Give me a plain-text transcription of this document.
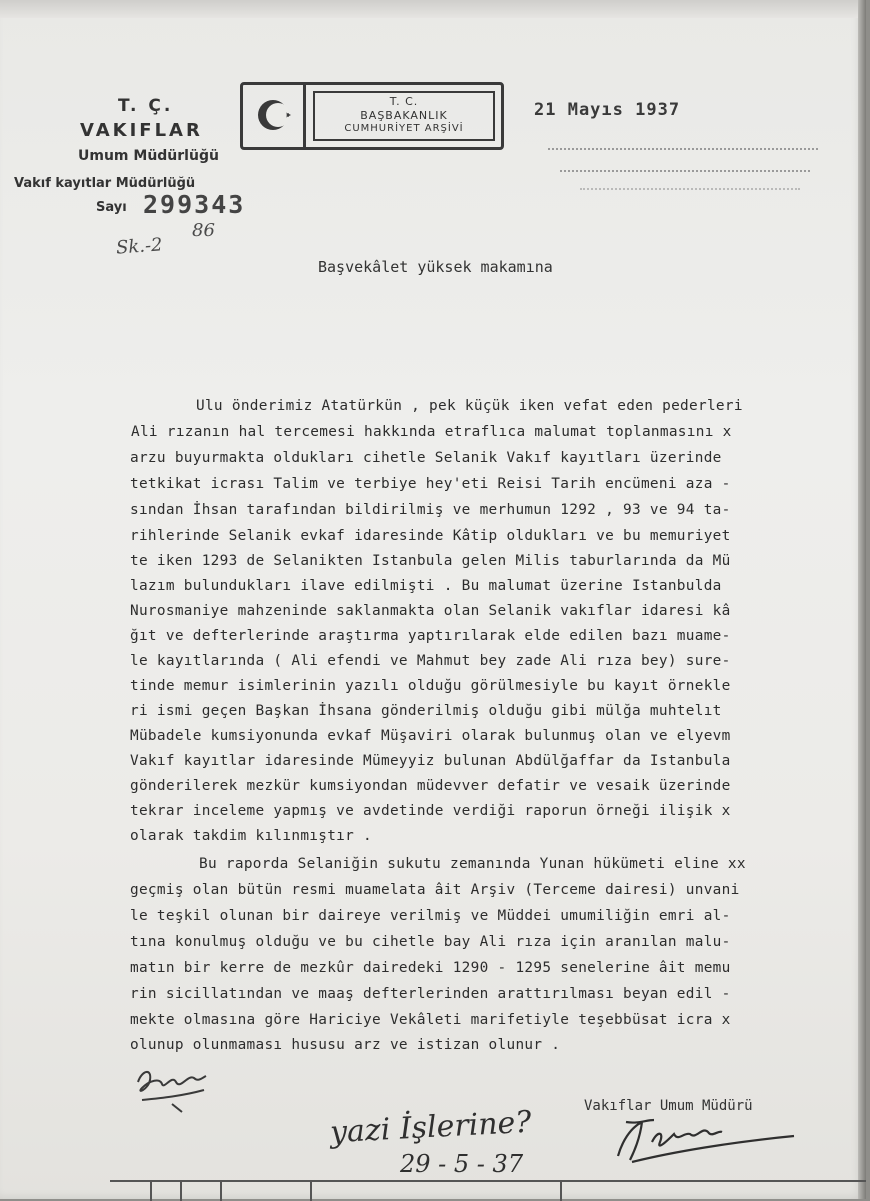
T. Ç.
VAKIFLAR
Umum Müdürlüğü
Vakıf kayıtlar Müdürlüğü
Sayı 299343
Sk.-2
86
T. C.
BAŞBAKANLIK
CUMHURİYET ARŞİVİ
21 Mayıs 1937
Başvekâlet yüksek makamına
Ulu önderimiz Atatürkün , pek küçük iken vefat eden pederleri
Ali rızanın hal tercemesi hakkında etraflıca malumat toplanmasını x
arzu buyurmakta oldukları cihetle Selanik Vakıf kayıtları üzerinde
tetkikat icrası Talim ve terbiye hey'eti Reisi Tarih encümeni aza -
sından İhsan tarafından bildirilmiş ve merhumun 1292 , 93 ve 94 ta-
rihlerinde Selanik evkaf idaresinde Kâtip oldukları ve bu memuriyet
te iken 1293 de Selanikten Istanbula gelen Milis taburlarında da Mü
lazım bulundukları ilave edilmişti . Bu malumat üzerine Istanbulda
Nurosmaniye mahzeninde saklanmakta olan Selanik vakıflar idaresi kâ
ğıt ve defterlerinde araştırma yaptırılarak elde edilen bazı muame-
le kayıtlarında ( Ali efendi ve Mahmut bey zade Ali rıza bey) sure-
tinde memur isimlerinin yazılı olduğu görülmesiyle bu kayıt örnekle
ri ismi geçen Başkan İhsana gönderilmiş olduğu gibi mülğa muhtelıt
Mübadele kumsiyonunda evkaf Müşaviri olarak bulunmuş olan ve elyevm
Vakıf kayıtlar idaresinde Mümeyyiz bulunan Abdülğaffar da Istanbula
gönderilerek mezkür kumsiyondan müdevver defatir ve vesaik üzerinde
tekrar inceleme yapmış ve avdetinde verdiği raporun örneği ilişik x
olarak takdim kılınmıştır .
Bu raporda Selaniğin sukutu zemanında Yunan hükümeti eline xx
geçmiş olan bütün resmi muamelata âit Arşiv (Terceme dairesi) unvani
le teşkil olunan bir daireye verilmiş ve Müddei umumiliğin emri al-
tına konulmuş olduğu ve bu cihetle bay Ali rıza için aranılan malu-
matın bir kerre de mezkûr dairedeki 1290 - 1295 senelerine âit memu
rin sicillatından ve maaş defterlerinden arattırılması beyan edil -
mekte olmasına göre Hariciye Vekâleti marifetiyle teşebbüsat icra x
olunup olunmaması hususu arz ve istizan olunur .
Vakıflar Umum Müdürü
yazi İşlerine?
29 - 5 - 37
